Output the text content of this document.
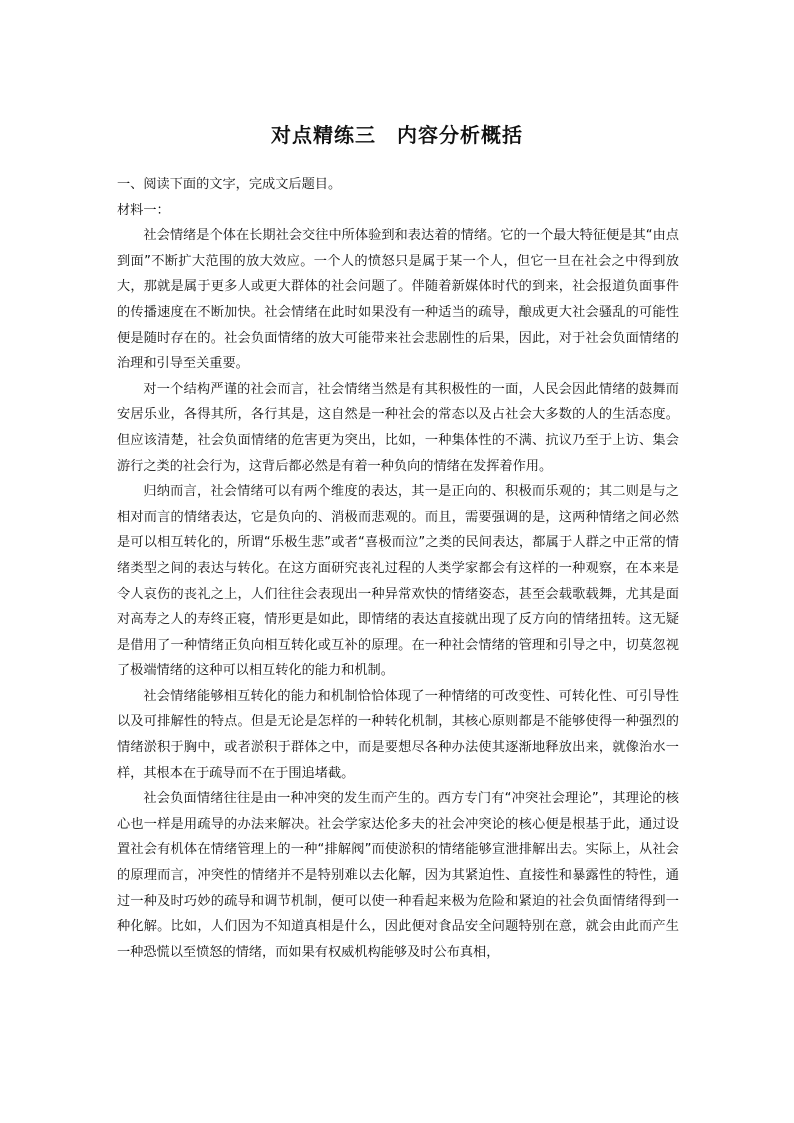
对点精练三　内容分析概括

一、阅读下面的文字，完成文后题目。

材料一：

社会情绪是个体在长期社会交往中所体验到和表达着的情绪。它的一个最大特征便是其“由点到面”不断扩大范围的放大效应。一个人的愤怒只是属于某一个人，但它一旦在社会之中得到放大，那就是属于更多人或更大群体的社会问题了。伴随着新媒体时代的到来，社会报道负面事件的传播速度在不断加快。社会情绪在此时如果没有一种适当的疏导，酿成更大社会骚乱的可能性便是随时存在的。社会负面情绪的放大可能带来社会悲剧性的后果，因此，对于社会负面情绪的治理和引导至关重要。

对一个结构严谨的社会而言，社会情绪当然是有其积极性的一面，人民会因此情绪的鼓舞而安居乐业，各得其所，各行其是，这自然是一种社会的常态以及占社会大多数的人的生活态度。但应该清楚，社会负面情绪的危害更为突出，比如，一种集体性的不满、抗议乃至于上访、集会游行之类的社会行为，这背后都必然是有着一种负向的情绪在发挥着作用。

归纳而言，社会情绪可以有两个维度的表达，其一是正向的、积极而乐观的；其二则是与之相对而言的情绪表达，它是负向的、消极而悲观的。而且，需要强调的是，这两种情绪之间必然是可以相互转化的，所谓“乐极生悲”或者“喜极而泣”之类的民间表达，都属于人群之中正常的情绪类型之间的表达与转化。在这方面研究丧礼过程的人类学家都会有这样的一种观察，在本来是令人哀伤的丧礼之上，人们往往会表现出一种异常欢快的情绪姿态，甚至会载歌载舞，尤其是面对高寿之人的寿终正寝，情形更是如此，即情绪的表达直接就出现了反方向的情绪扭转。这无疑是借用了一种情绪正负向相互转化或互补的原理。在一种社会情绪的管理和引导之中，切莫忽视了极端情绪的这种可以相互转化的能力和机制。

社会情绪能够相互转化的能力和机制恰恰体现了一种情绪的可改变性、可转化性、可引导性以及可排解性的特点。但是无论是怎样的一种转化机制，其核心原则都是不能够使得一种强烈的情绪淤积于胸中，或者淤积于群体之中，而是要想尽各种办法使其逐渐地释放出来，就像治水一样，其根本在于疏导而不在于围追堵截。

社会负面情绪往往是由一种冲突的发生而产生的。西方专门有“冲突社会理论”，其理论的核心也一样是用疏导的办法来解决。社会学家达伦多夫的社会冲突论的核心便是根基于此，通过设置社会有机体在情绪管理上的一种“排解阀”而使淤积的情绪能够宣泄排解出去。实际上，从社会的原理而言，冲突性的情绪并不是特别难以去化解，因为其紧迫性、直接性和暴露性的特性，通过一种及时巧妙的疏导和调节机制，便可以使一种看起来极为危险和紧迫的社会负面情绪得到一种化解。比如，人们因为不知道真相是什么，因此便对食品安全问题特别在意，就会由此而产生一种恐慌以至愤怒的情绪，而如果有权威机构能够及时公布真相，
